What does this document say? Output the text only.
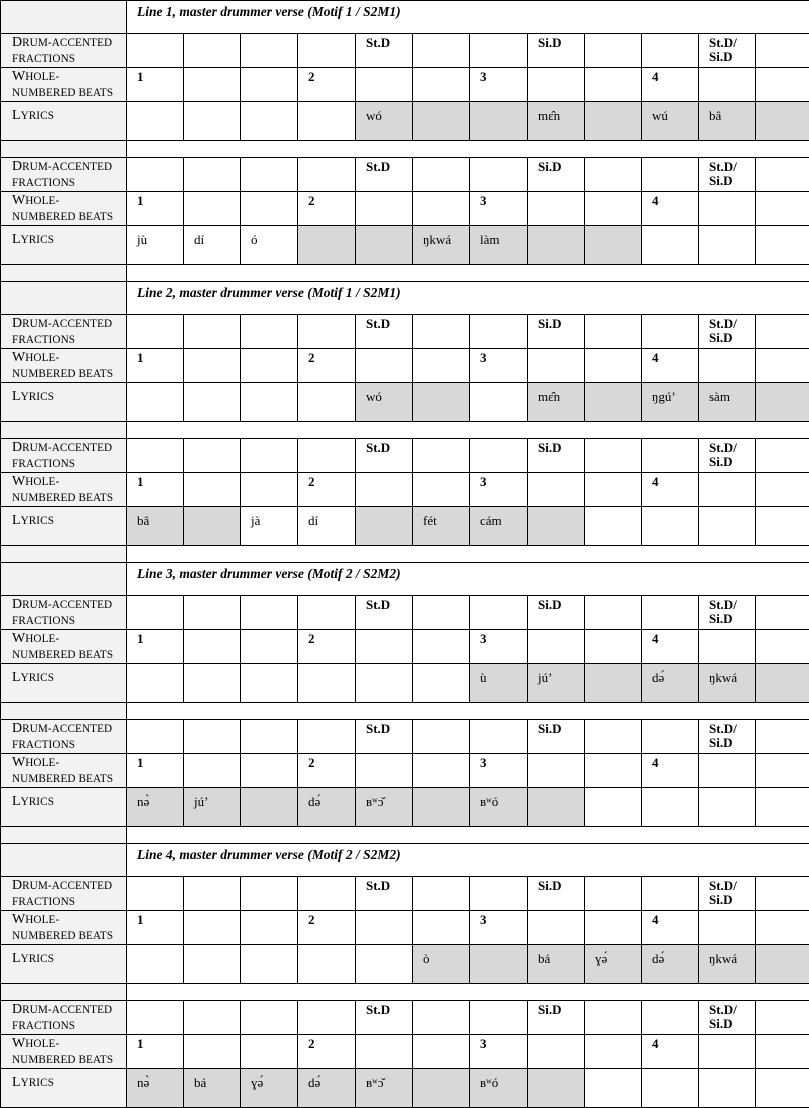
	Line 1, master drummer verse (Motif 1 / S2M1)											
DRUM-ACCENTED
FRACTIONS					St.D			Si.D			St.D/ Si.D	
WHOLE-
NUMBERED BEATS	1			2			3			4		
LYRICS					wó			mɛ̂n		wú	bâ	

DRUM-ACCENTED
FRACTIONS					St.D			Si.D			St.D/ Si.D	
WHOLE-
NUMBERED BEATS	1			2			3			4		
LYRICS	jù	dí	ó			ŋkwá	làm					

	Line 2, master drummer verse (Motif 1 / S2M1)											
DRUM-ACCENTED
FRACTIONS					St.D			Si.D			St.D/ Si.D	
WHOLE-
NUMBERED BEATS	1			2			3			4		
LYRICS					wó			mɛ̂n		ŋgúʼ	sàm	

DRUM-ACCENTED
FRACTIONS					St.D			Si.D			St.D/ Si.D	
WHOLE-
NUMBERED BEATS	1			2			3			4		
LYRICS	bâ		jà	dí		fét	cám					

	Line 3, master drummer verse (Motif 2 / S2M2)											
DRUM-ACCENTED
FRACTIONS					St.D			Si.D			St.D/ Si.D	
WHOLE-
NUMBERED BEATS	1			2			3			4		
LYRICS							ù	júʼ		də́	ŋkwá	

DRUM-ACCENTED
FRACTIONS					St.D			Si.D			St.D/ Si.D	
WHOLE-
NUMBERED BEATS	1			2			3			4		
LYRICS	nə̀	júʼ		də́	ʙʷɔ̌		ʙʷó					

	Line 4, master drummer verse (Motif 2 / S2M2)											
DRUM-ACCENTED
FRACTIONS					St.D			Si.D			St.D/ Si.D	
WHOLE-
NUMBERED BEATS	1			2			3			4		
LYRICS						ò		bá	ɣə́	də́	ŋkwá	

DRUM-ACCENTED
FRACTIONS					St.D			Si.D			St.D/ Si.D	
WHOLE-
NUMBERED BEATS	1			2			3			4		
LYRICS	nə̀	bá	ɣə́	də́	ʙʷɔ̌		ʙʷó					
